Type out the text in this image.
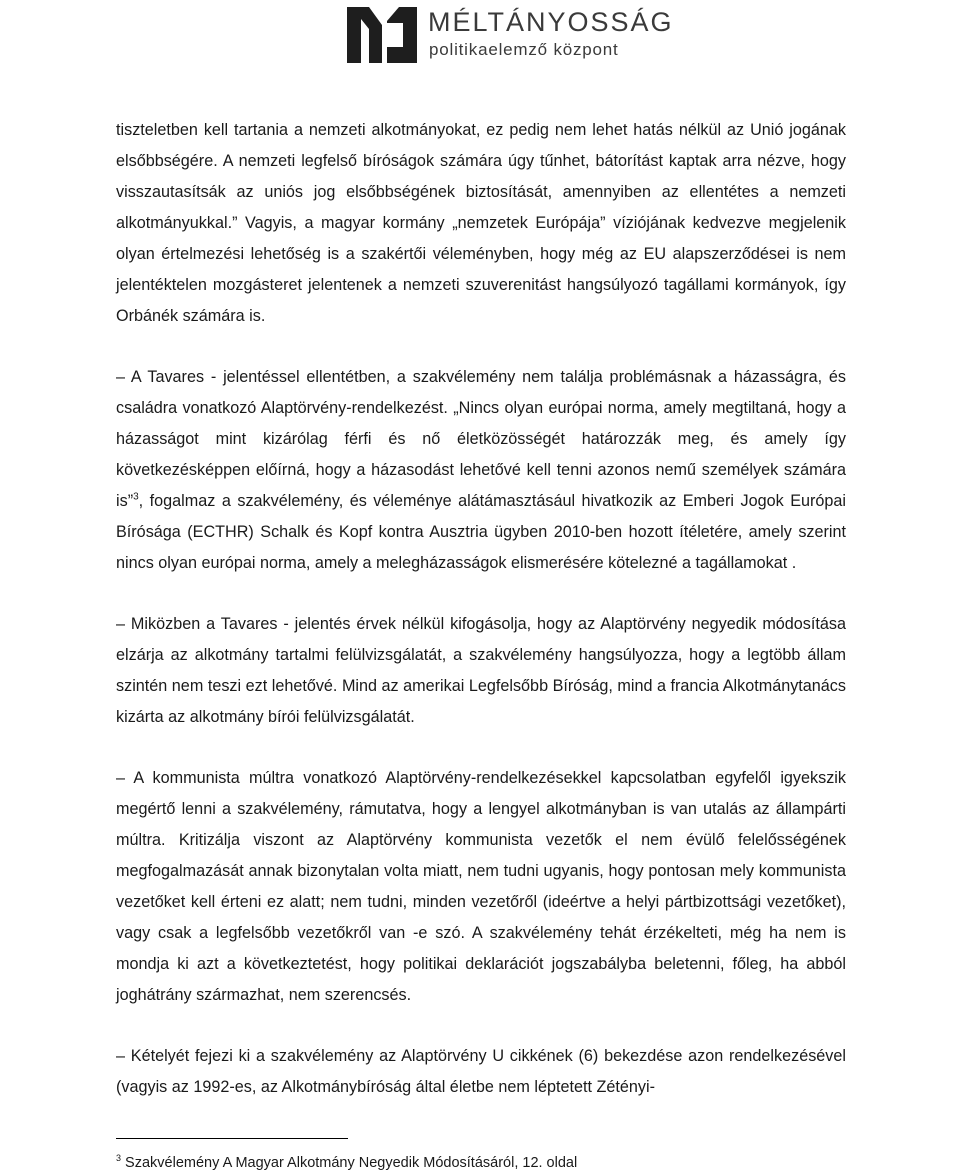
MÉLTÁNYOSSÁG
politikaelemző központ

tiszteletben kell tartania a nemzeti alkotmányokat, ez pedig nem lehet hatás nélkül az Unió jogának elsőbbségére. A nemzeti legfelső bíróságok számára úgy tűnhet, bátorítást kaptak arra nézve, hogy visszautasítsák az uniós jog elsőbbségének biztosítását, amennyiben az ellentétes a nemzeti alkotmányukkal.” Vagyis, a magyar kormány „nemzetek Európája” víziójának kedvezve megjelenik olyan értelmezési lehetőség is a szakértői véleményben, hogy még az EU alapszerződései is nem jelentéktelen mozgásteret jelentenek a nemzeti szuverenitást hangsúlyozó tagállami kormányok, így Orbánék számára is.

– A Tavares - jelentéssel ellentétben, a szakvélemény nem találja problémásnak a házasságra, és családra vonatkozó Alaptörvény-rendelkezést. „Nincs olyan európai norma, amely megtiltaná, hogy a házasságot mint kizárólag férfi és nő életközösségét határozzák meg, és amely így következésképpen előírná, hogy a házasodást lehetővé kell tenni azonos nemű személyek számára is”$^3$, fogalmaz a szakvélemény, és véleménye alátámasztásául hivatkozik az Emberi Jogok Európai Bírósága (ECTHR) Schalk és Kopf kontra Ausztria ügyben 2010-ben hozott ítéletére, amely szerint nincs olyan európai norma, amely a melegházasságok elismerésére kötelezné a tagállamokat .

– Miközben a Tavares - jelentés érvek nélkül kifogásolja, hogy az Alaptörvény negyedik módosítása elzárja az alkotmány tartalmi felülvizsgálatát, a szakvélemény hangsúlyozza, hogy a legtöbb állam szintén nem teszi ezt lehetővé. Mind az amerikai Legfelsőbb Bíróság, mind a francia Alkotmánytanács kizárta az alkotmány bírói felülvizsgálatát.

– A kommunista múltra vonatkozó Alaptörvény-rendelkezésekkel kapcsolatban egyfelől igyekszik megértő lenni a szakvélemény, rámutatva, hogy a lengyel alkotmányban is van utalás az állampárti múltra. Kritizálja viszont az Alaptörvény kommunista vezetők el nem évülő felelősségének megfogalmazását annak bizonytalan volta miatt, nem tudni ugyanis, hogy pontosan mely kommunista vezetőket kell érteni ez alatt; nem tudni, minden vezetőről (ideértve a helyi pártbizottsági vezetőket), vagy csak a legfelsőbb vezetőkről van -e szó. A szakvélemény tehát érzékelteti, még ha nem is mondja ki azt a következtetést, hogy politikai deklarációt jogszabályba beletenni, főleg, ha abból joghátrány származhat, nem szerencsés.

– Kételyét fejezi ki a szakvélemény az Alaptörvény U cikkének (6) bekezdése azon rendelkezésével (vagyis az 1992-es, az Alkotmánybíróság által életbe nem léptetett Zétényi-

$^3$ Szakvélemény A Magyar Alkotmány Negyedik Módosításáról, 12. oldal
